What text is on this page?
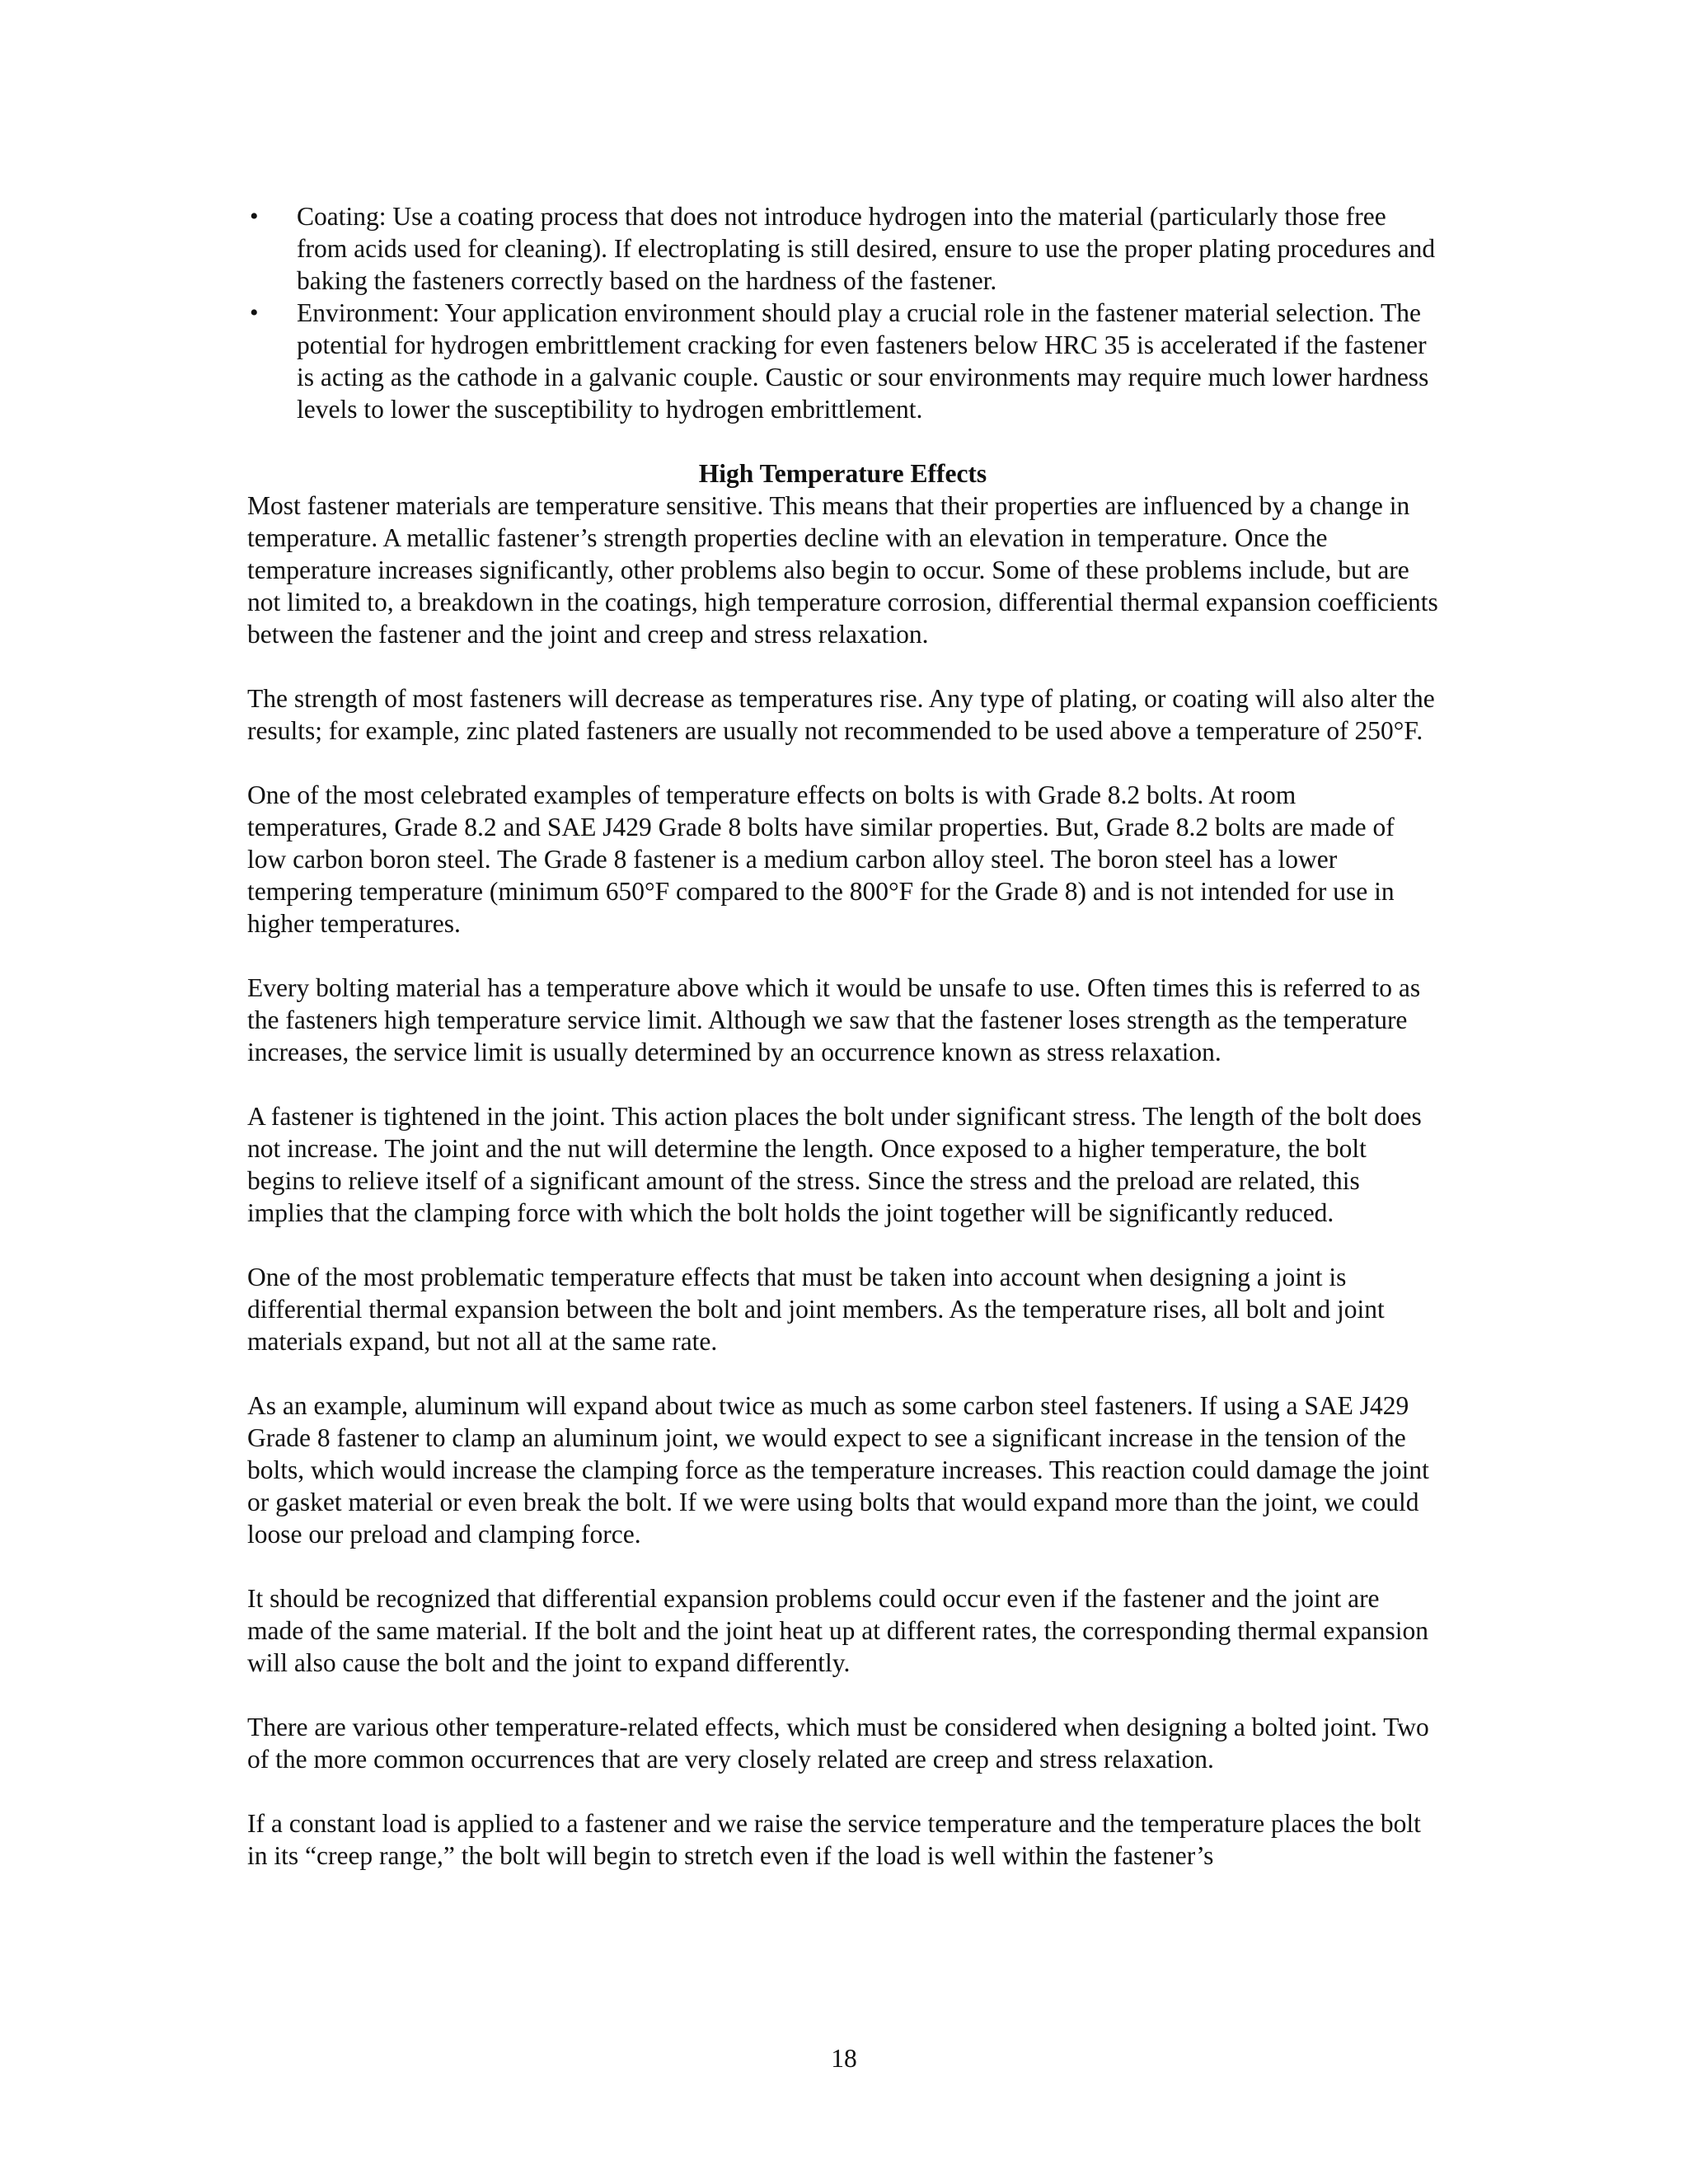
• Coating: Use a coating process that does not introduce hydrogen into the material (particularly those free from acids used for cleaning). If electroplating is still desired, ensure to use the proper plating procedures and baking the fasteners correctly based on the hardness of the fastener.
• Environment: Your application environment should play a crucial role in the fastener material selection. The potential for hydrogen embrittlement cracking for even fasteners below HRC 35 is accelerated if the fastener is acting as the cathode in a galvanic couple. Caustic or sour environments may require much lower hardness levels to lower the susceptibility to hydrogen embrittlement.
High Temperature Effects

Most fastener materials are temperature sensitive. This means that their properties are influenced by a change in temperature. A metallic fastener’s strength properties decline with an elevation in temperature. Once the temperature increases significantly, other problems also begin to occur. Some of these problems include, but are not limited to, a breakdown in the coatings, high temperature corrosion, differential thermal expansion coefficients between the fastener and the joint and creep and stress relaxation.

The strength of most fasteners will decrease as temperatures rise. Any type of plating, or coating will also alter the results; for example, zinc plated fasteners are usually not recommended to be used above a temperature of 250°F.

One of the most celebrated examples of temperature effects on bolts is with Grade 8.2 bolts. At room temperatures, Grade 8.2 and SAE J429 Grade 8 bolts have similar properties. But, Grade 8.2 bolts are made of low carbon boron steel. The Grade 8 fastener is a medium carbon alloy steel. The boron steel has a lower tempering temperature (minimum 650°F compared to the 800°F for the Grade 8) and is not intended for use in higher temperatures.

Every bolting material has a temperature above which it would be unsafe to use. Often times this is referred to as the fasteners high temperature service limit. Although we saw that the fastener loses strength as the temperature increases, the service limit is usually determined by an occurrence known as stress relaxation.

A fastener is tightened in the joint. This action places the bolt under significant stress. The length of the bolt does not increase. The joint and the nut will determine the length. Once exposed to a higher temperature, the bolt begins to relieve itself of a significant amount of the stress. Since the stress and the preload are related, this implies that the clamping force with which the bolt holds the joint together will be significantly reduced.

One of the most problematic temperature effects that must be taken into account when designing a joint is differential thermal expansion between the bolt and joint members. As the temperature rises, all bolt and joint materials expand, but not all at the same rate.

As an example, aluminum will expand about twice as much as some carbon steel fasteners. If using a SAE J429 Grade 8 fastener to clamp an aluminum joint, we would expect to see a significant increase in the tension of the bolts, which would increase the clamping force as the temperature increases. This reaction could damage the joint or gasket material or even break the bolt. If we were using bolts that would expand more than the joint, we could loose our preload and clamping force.

It should be recognized that differential expansion problems could occur even if the fastener and the joint are made of the same material. If the bolt and the joint heat up at different rates, the corresponding thermal expansion will also cause the bolt and the joint to expand differently.

There are various other temperature-related effects, which must be considered when designing a bolted joint. Two of the more common occurrences that are very closely related are creep and stress relaxation.

If a constant load is applied to a fastener and we raise the service temperature and the temperature places the bolt in its “creep range,” the bolt will begin to stretch even if the load is well within the fastener’s

18
